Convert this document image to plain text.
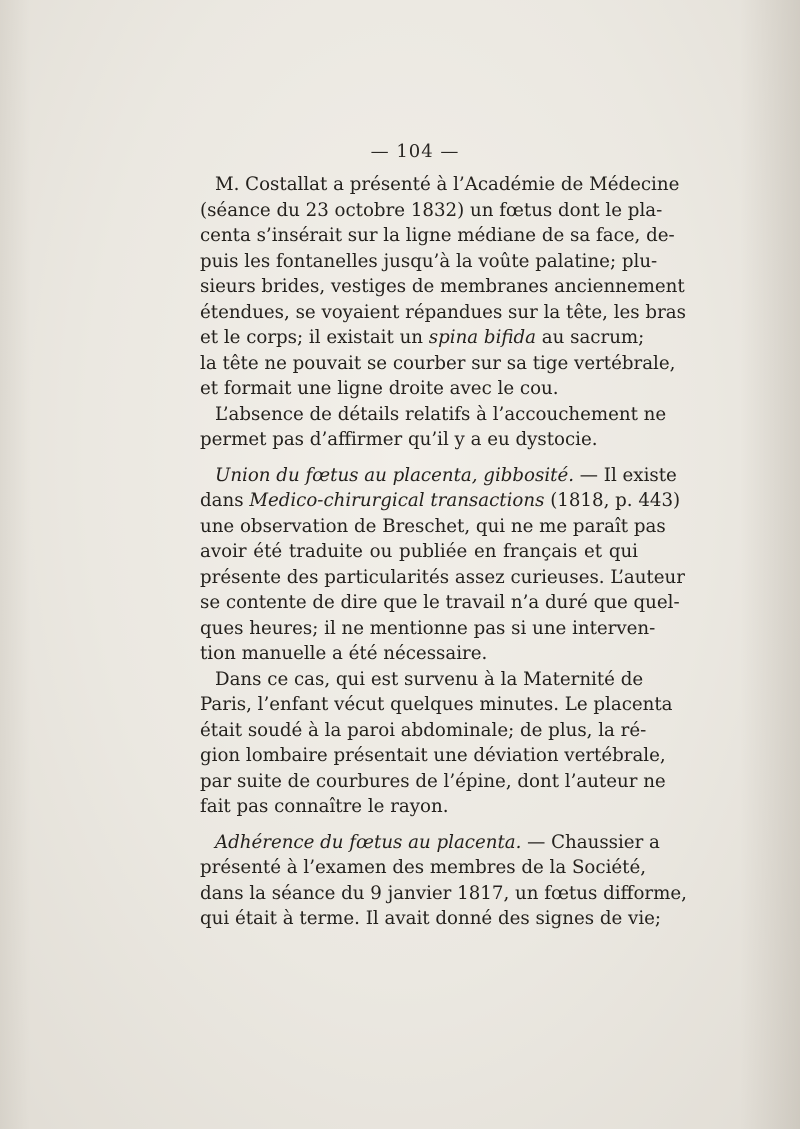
— 104 —
M. Costallat a présenté à l’Académie de Médecine
(séance du 23 octobre 1832) un fœtus dont le pla-
centa s’insérait sur la ligne médiane de sa face, de-
puis les fontanelles jusqu’à la voûte palatine; plu-
sieurs brides, vestiges de membranes anciennement
étendues, se voyaient répandues sur la tête, les bras
et le corps; il existait un spina bifida au sacrum;
la tête ne pouvait se courber sur sa tige vertébrale,
et formait une ligne droite avec le cou.
L’absence de détails relatifs à l’accouchement ne
permet pas d’affirmer qu’il y a eu dystocie.
Union du fœtus au placenta, gibbosité. — Il existe
dans Medico-chirurgical transactions (1818, p. 443)
une observation de Breschet, qui ne me paraît pas
avoir été traduite ou publiée en français et qui
présente des particularités assez curieuses. L’auteur
se contente de dire que le travail n’a duré que quel-
ques heures; il ne mentionne pas si une interven-
tion manuelle a été nécessaire.
Dans ce cas, qui est survenu à la Maternité de
Paris, l’enfant vécut quelques minutes. Le placenta
était soudé à la paroi abdominale; de plus, la ré-
gion lombaire présentait une déviation vertébrale,
par suite de courbures de l’épine, dont l’auteur ne
fait pas connaître le rayon.
Adhérence du fœtus au placenta. — Chaussier a
présenté à l’examen des membres de la Société,
dans la séance du 9 janvier 1817, un fœtus difforme,
qui était à terme. Il avait donné des signes de vie;
